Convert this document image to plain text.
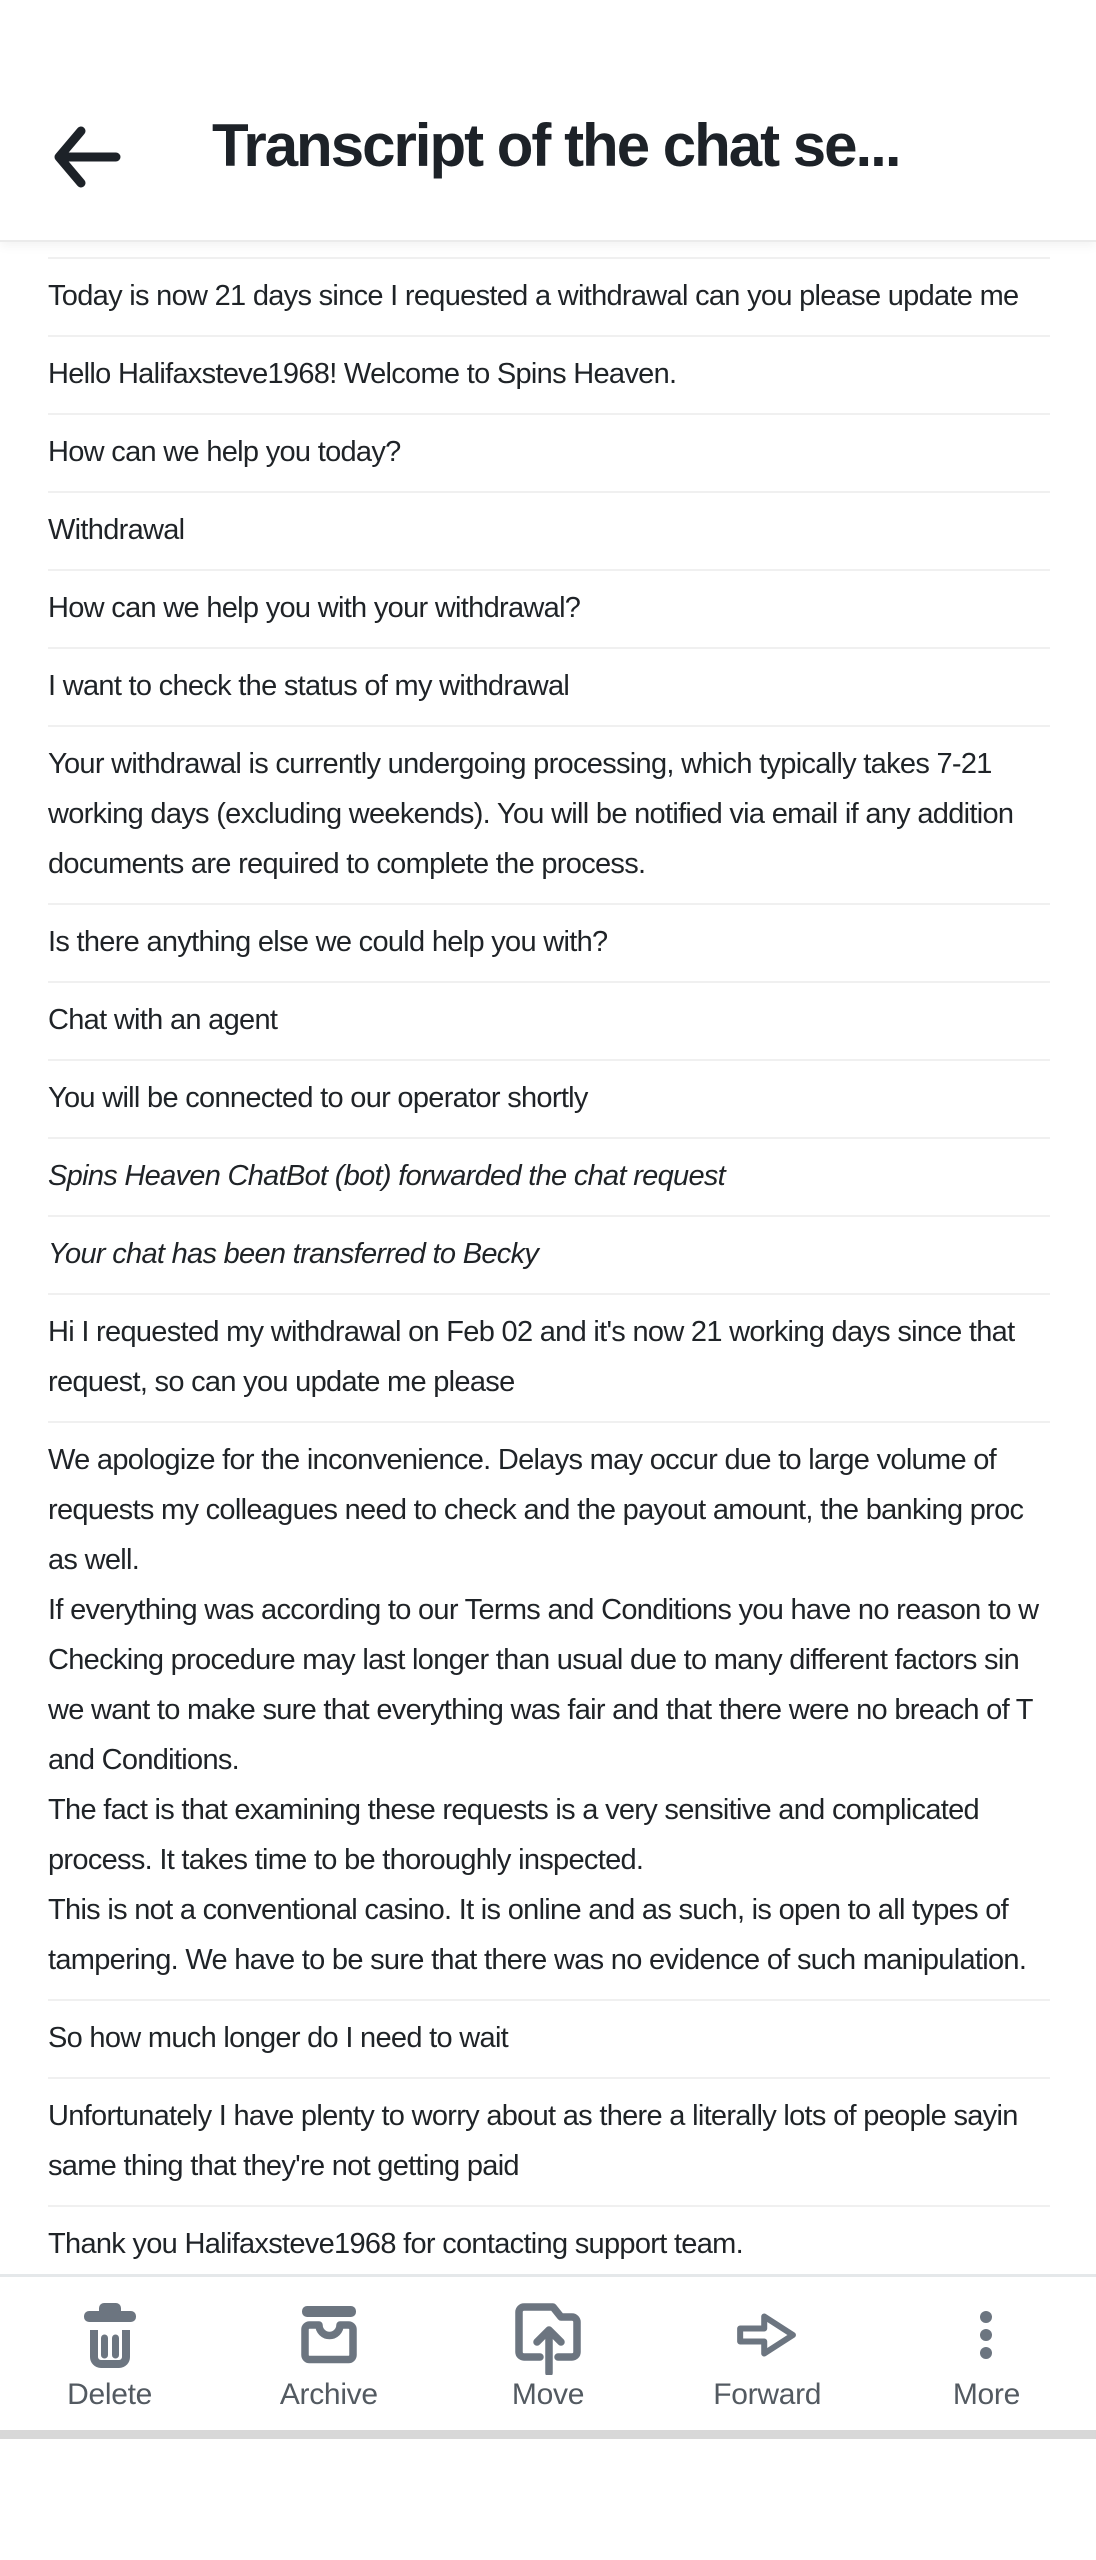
Transcript of the chat se...
Today is now 21 days since I requested a withdrawal can you please update me
Hello Halifaxsteve1968! Welcome to Spins Heaven.
How can we help you today?
Withdrawal
How can we help you with your withdrawal?
I want to check the status of my withdrawal
Your withdrawal is currently undergoing processing, which typically takes 7-21
working days (excluding weekends). You will be notified via email if any addition
documents are required to complete the process.
Is there anything else we could help you with?
Chat with an agent
You will be connected to our operator shortly
Spins Heaven ChatBot (bot) forwarded the chat request
Your chat has been transferred to Becky
Hi I requested my withdrawal on Feb 02 and it's now 21 working days since that
request, so can you update me please
We apologize for the inconvenience. Delays may occur due to large volume of
requests my colleagues need to check and the payout amount, the banking proc
as well.
If everything was according to our Terms and Conditions you have no reason to w
Checking procedure may last longer than usual due to many different factors sin
we want to make sure that everything was fair and that there were no breach of T
and Conditions.
The fact is that examining these requests is a very sensitive and complicated
process. It takes time to be thoroughly inspected.
This is not a conventional casino. It is online and as such, is open to all types of
tampering. We have to be sure that there was no evidence of such manipulation.
So how much longer do I need to wait
Unfortunately I have plenty to worry about as there a literally lots of people sayin
same thing that they're not getting paid
Thank you Halifaxsteve1968 for contacting support team.
Delete	Archive	Move	Forward	More
